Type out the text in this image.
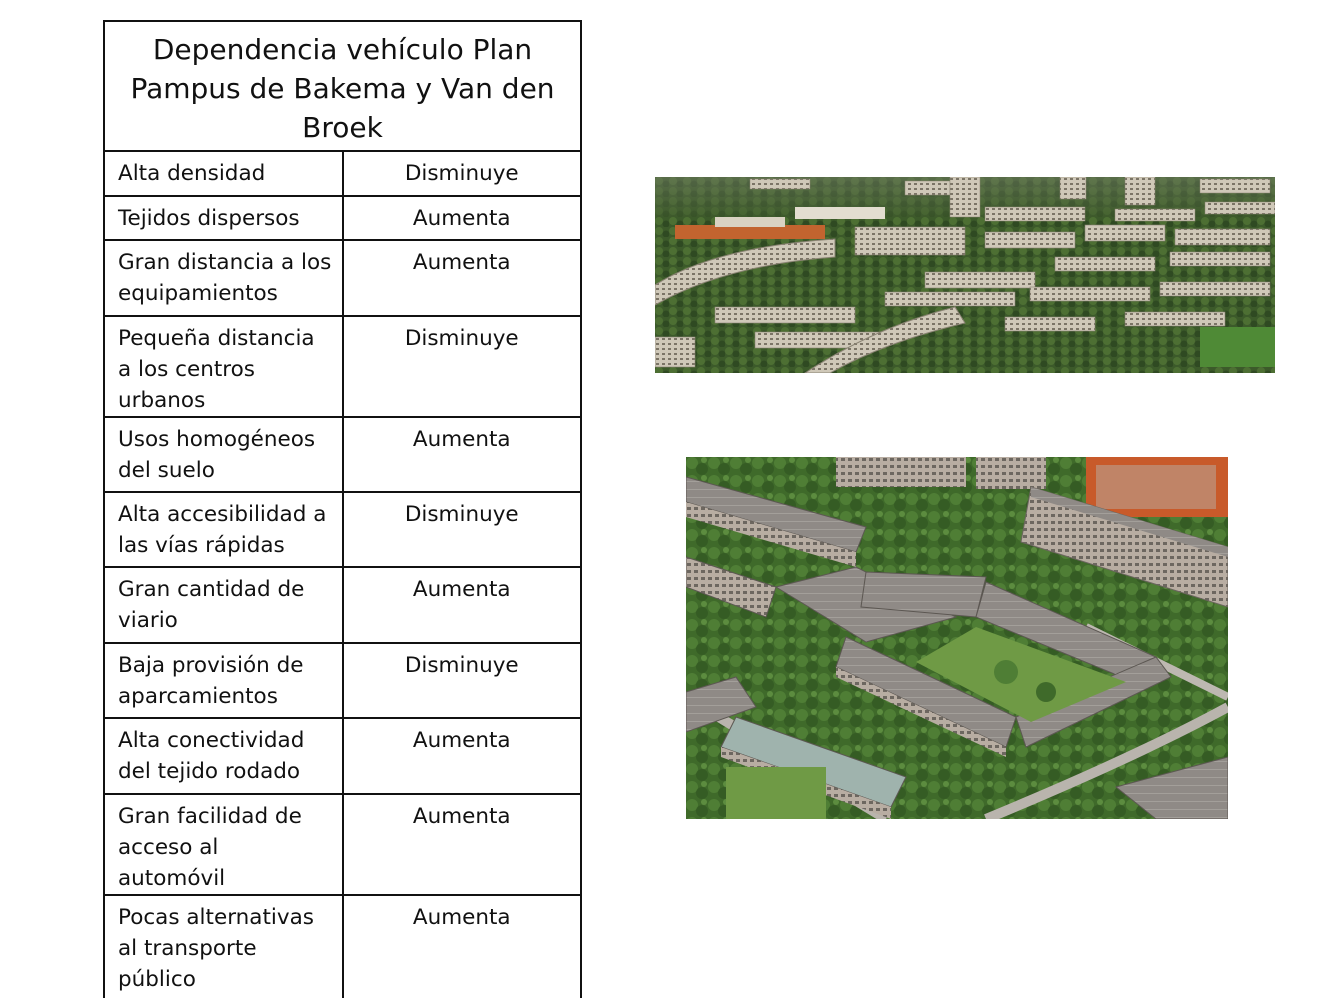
Dependencia vehículo Plan Pampus de Bakema y Van den Broek	
Alta densidad	Disminuye
Tejidos dispersos	Aumenta
Gran distancia a los equipamientos	Aumenta
Pequeña distancia a los centros urbanos	Disminuye
Usos homogéneos del suelo	Aumenta
Alta accesibilidad a las vías rápidas	Disminuye
Gran cantidad de viario	Aumenta
Baja provisión de aparcamientos	Disminuye
Alta conectividad del tejido rodado	Aumenta
Gran facilidad de acceso al automóvil	Aumenta
Pocas alternativas al transporte público	Aumenta
